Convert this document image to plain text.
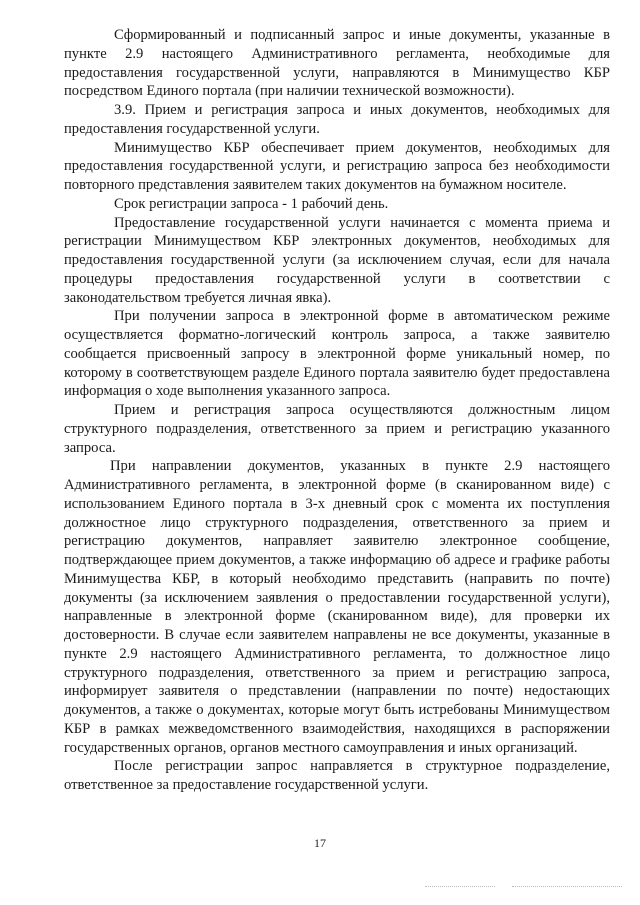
Сформированный и подписанный запрос и иные документы, указанные в пункте 2.9 настоящего Административного регламента, необходимые для предоставления государственной услуги, направляются в Минимущество КБР посредством Единого портала (при наличии технической возможности).

3.9. Прием и регистрация запроса и иных документов, необходимых для предоставления государственной услуги.

Минимущество КБР обеспечивает прием документов, необходимых для предоставления государственной услуги, и регистрацию запроса без необходимости повторного представления заявителем таких документов на бумажном носителе.

Срок регистрации запроса - 1 рабочий день.

Предоставление государственной услуги начинается с момента приема и регистрации Минимуществом КБР электронных документов, необходимых для предоставления государственной услуги (за исключением случая, если для начала процедуры предоставления государственной услуги в соответствии с законодательством требуется личная явка).

При получении запроса в электронной форме в автоматическом режиме осуществляется форматно-логический контроль запроса, а также заявителю сообщается присвоенный запросу в электронной форме уникальный номер, по которому в соответствующем разделе Единого портала заявителю будет предоставлена информация о ходе выполнения указанного запроса.

Прием и регистрация запроса осуществляются должностным лицом структурного подразделения, ответственного за прием и регистрацию указанного запроса.

При направлении документов, указанных в пункте 2.9 настоящего Административного регламента, в электронной форме (в сканированном виде) с использованием Единого портала в 3-х дневный срок с момента их поступления должностное лицо структурного подразделения, ответственного за прием и регистрацию документов, направляет заявителю электронное сообщение, подтверждающее прием документов, а также информацию об адресе и графике работы Минимущества КБР, в который необходимо представить (направить по почте) документы (за исключением заявления о предоставлении государственной услуги), направленные в электронной форме (сканированном виде), для проверки их достоверности. В случае если заявителем направлены не все документы, указанные в пункте 2.9 настоящего Административного регламента, то должностное лицо структурного подразделения, ответственного за прием и регистрацию запроса, информирует заявителя о представлении (направлении по почте) недостающих документов, а также о документах, которые могут быть истребованы Минимуществом КБР в рамках межведомственного взаимодействия, находящихся в распоряжении государственных органов, органов местного самоуправления и иных организаций.

После регистрации запрос направляется в структурное подразделение, ответственное за предоставление государственной услуги.

17
